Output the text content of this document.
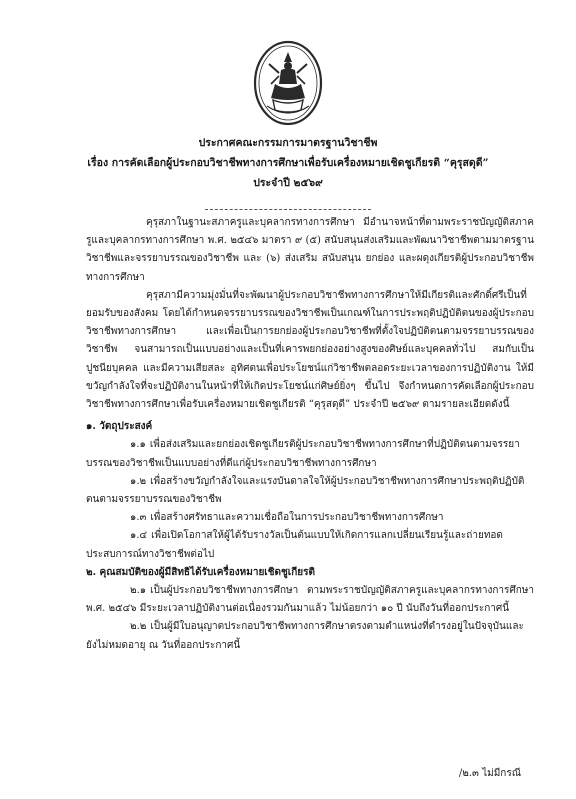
ประกาศคณะกรรมการมาตรฐานวิชาชีพ
เรื่อง การคัดเลือกผู้ประกอบวิชาชีพทางการศึกษาเพื่อรับเครื่องหมายเชิดชูเกียรติ “คุรุสดุดี”
ประจำปี ๒๕๖๙

คุรุสภาในฐานะสภาครูและบุคลากรทางการศึกษา มีอำนาจหน้าที่ตามพระราชบัญญัติสภาครูและบุคลากรทางการศึกษา พ.ศ. ๒๕๔๖ มาตรา ๙ (๕) สนับสนุนส่งเสริมและพัฒนาวิชาชีพตามมาตรฐานวิชาชีพและจรรยาบรรณของวิชาชีพ และ (๖) ส่งเสริม สนับสนุน ยกย่อง และผดุงเกียรติผู้ประกอบวิชาชีพทางการศึกษา

คุรุสภามีความมุ่งมั่นที่จะพัฒนาผู้ประกอบวิชาชีพทางการศึกษาให้มีเกียรติและศักดิ์ศรีเป็นที่ยอมรับของสังคม โดยได้กำหนดจรรยาบรรณของวิชาชีพเป็นเกณฑ์ในการประพฤติปฏิบัติตนของผู้ประกอบวิชาชีพทางการศึกษา และเพื่อเป็นการยกย่องผู้ประกอบวิชาชีพที่ตั้งใจปฏิบัติตนตามจรรยาบรรณของวิชาชีพ จนสามารถเป็นแบบอย่างและเป็นที่เคารพยกย่องอย่างสูงของศิษย์และบุคคลทั่วไป สมกับเป็นปูชนียบุคคล และมีความเสียสละ อุทิศตนเพื่อประโยชน์แก่วิชาชีพตลอดระยะเวลาของการปฏิบัติงาน ให้มีขวัญกำลังใจที่จะปฏิบัติงานในหน้าที่ให้เกิดประโยชน์แก่ศิษย์ยิ่งๆ ขึ้นไป จึงกำหนดการคัดเลือกผู้ประกอบวิชาชีพทางการศึกษาเพื่อรับเครื่องหมายเชิดชูเกียรติ “คุรุสดุดี” ประจำปี ๒๕๖๙ ตามรายละเอียดดังนี้

๑. วัตถุประสงค์

๑.๑ เพื่อส่งเสริมและยกย่องเชิดชูเกียรติผู้ประกอบวิชาชีพทางการศึกษาที่ปฏิบัติตนตามจรรยาบรรณของวิชาชีพเป็นแบบอย่างที่ดีแก่ผู้ประกอบวิชาชีพทางการศึกษา

๑.๒ เพื่อสร้างขวัญกำลังใจและแรงบันดาลใจให้ผู้ประกอบวิชาชีพทางการศึกษาประพฤติปฏิบัติตนตามจรรยาบรรณของวิชาชีพ

๑.๓ เพื่อสร้างศรัทธาและความเชื่อถือในการประกอบวิชาชีพทางการศึกษา

๑.๔ เพื่อเปิดโอกาสให้ผู้ได้รับรางวัลเป็นต้นแบบให้เกิดการแลกเปลี่ยนเรียนรู้และถ่ายทอดประสบการณ์ทางวิชาชีพต่อไป

๒. คุณสมบัติของผู้มีสิทธิได้รับเครื่องหมายเชิดชูเกียรติ

๒.๑ เป็นผู้ประกอบวิชาชีพทางการศึกษา ตามพระราชบัญญัติสภาครูและบุคลากรทางการศึกษา พ.ศ. ๒๕๔๖ มีระยะเวลาปฏิบัติงานต่อเนื่องรวมกันมาแล้ว ไม่น้อยกว่า ๑๐ ปี นับถึงวันที่ออกประกาศนี้

๒.๒ เป็นผู้มีใบอนุญาตประกอบวิชาชีพทางการศึกษาตรงตามตำแหน่งที่ดำรงอยู่ในปัจจุบันและยังไม่หมดอายุ ณ วันที่ออกประกาศนี้

/๒.๓ ไม่มีกรณี
